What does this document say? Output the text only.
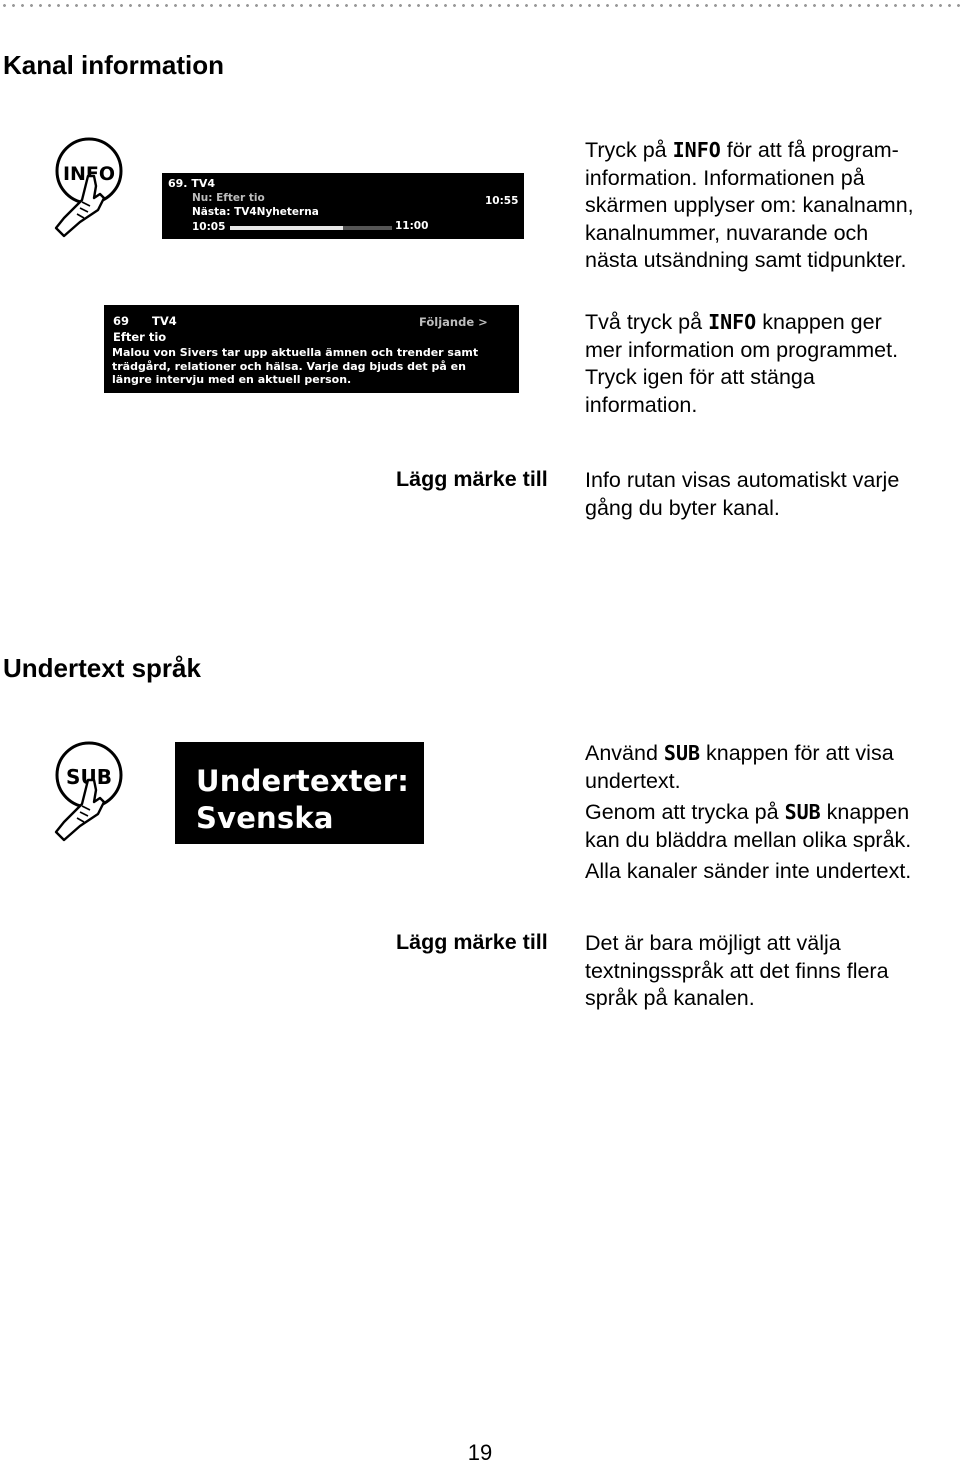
Kanal information
INFO	69. TV4
Nu: Efter tio
Nästa: TV4Nyheterna
10:55
10:05	11:00
69 TV4	Följande >
Efter tio
Malou von Sivers tar upp aktuella ämnen och trender samt
trädgård, relationer och hälsa. Varje dag bjuds det på en
längre intervju med en aktuell person.

Tryck på INFO för att få program-
information. Informationen på
skärmen upplyser om: kanalnamn,
kanalnummer, nuvarande och
nästa utsändning samt tidpunkter.

Två tryck på INFO knappen ger
mer information om programmet.
Tryck igen för att stänga
information.

Lägg märke till Info rutan visas automatiskt varje
gång du byter kanal.

Undertext språk
SUB	Undertexter:
Svenska

Använd SUB knappen för att visa
undertext.

Genom att trycka på SUB knappen
kan du bläddra mellan olika språk.

Alla kanaler sänder inte undertext.

Lägg märke till Det är bara möjligt att välja
textningsspråk att det finns flera
språk på kanalen.

19
